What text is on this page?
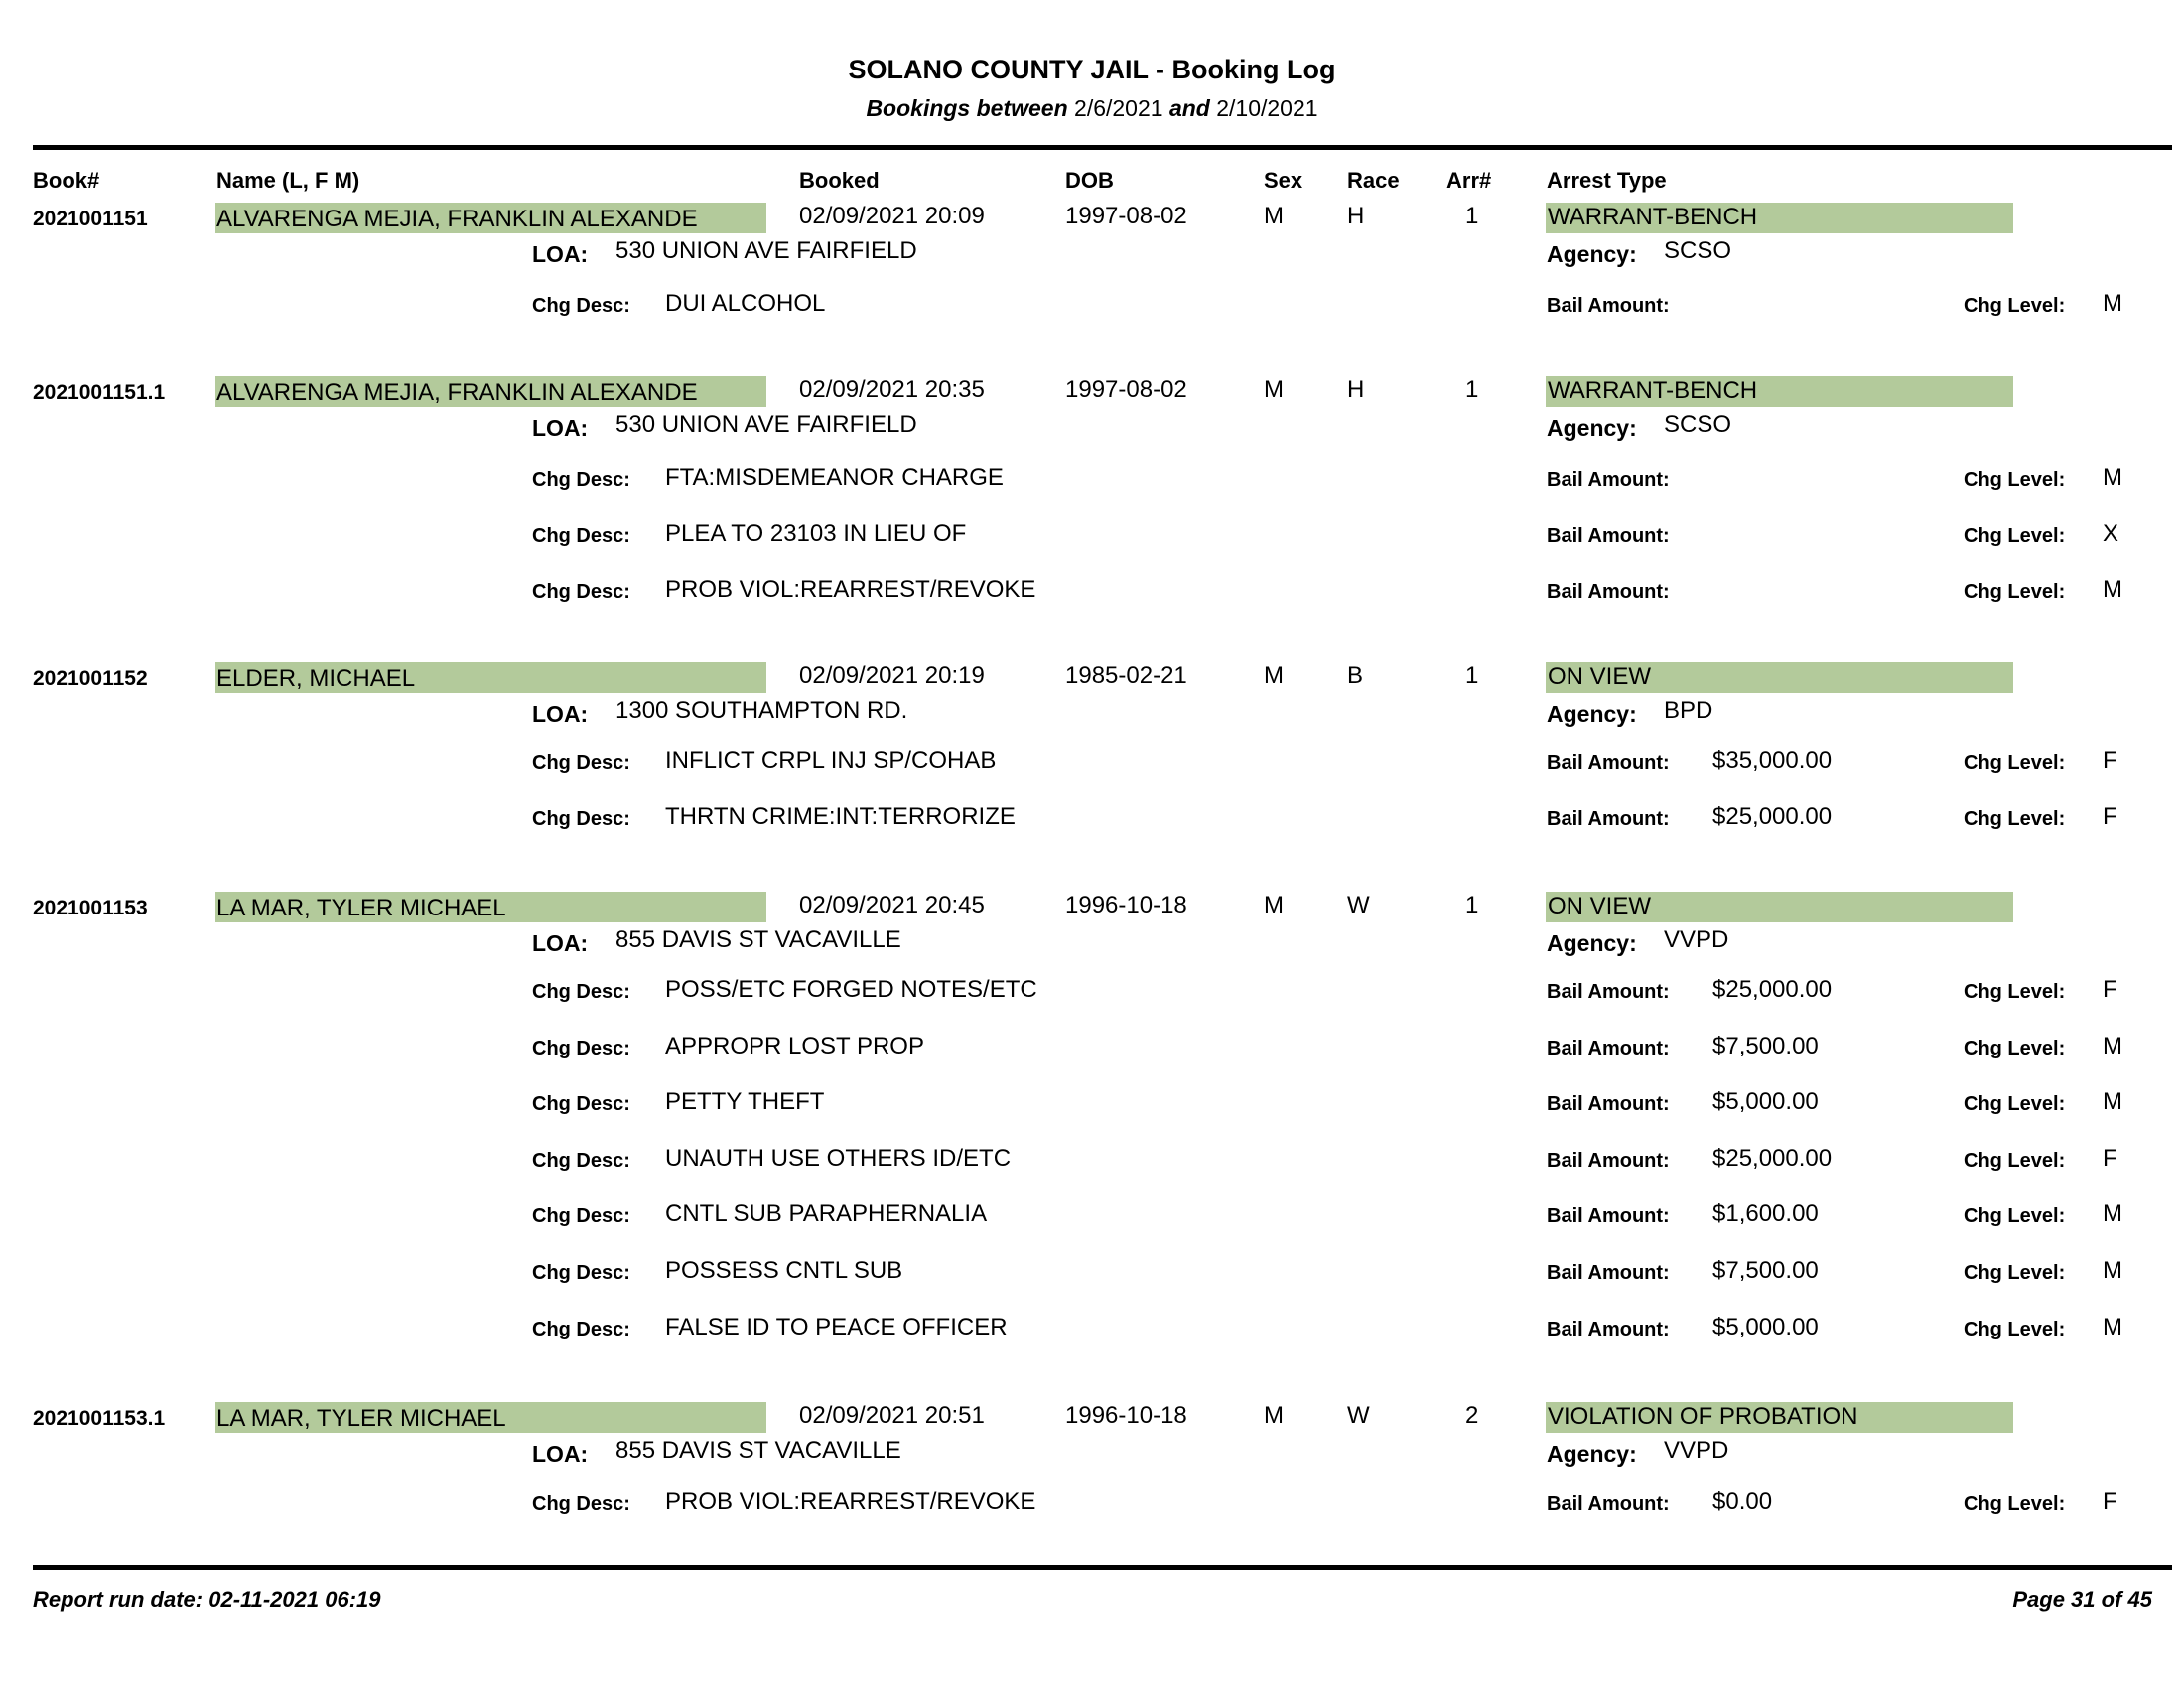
SOLANO COUNTY JAIL - Booking Log
Bookings between 2/6/2021 and 2/10/2021
Book#	Name (L, F M)	Booked	DOB	Sex Race Arr#	Arrest Type
2021001151	ALVARENGA MEJIA, FRANKLIN ALEXANDE	02/09/2021 20:09	1997-08-02	M	H	1	WARRANT-BENCH
LOA: 530 UNION AVE FAIRFIELD	Agency: SCSO
Chg Desc: DUI ALCOHOL	Bail Amount:	Chg Level: M
2021001151.1 ALVARENGA MEJIA, FRANKLIN ALEXANDE	02/09/2021 20:35	1997-08-02	M	H	1	WARRANT-BENCH
LOA: 530 UNION AVE FAIRFIELD	Agency: SCSO
Chg Desc: FTA:MISDEMEANOR CHARGE	Bail Amount:	Chg Level: M
Chg Desc: PLEA TO 23103 IN LIEU OF	Bail Amount:	Chg Level: X
Chg Desc: PROB VIOL:REARREST/REVOKE	Bail Amount:	Chg Level: M
2021001152	ELDER, MICHAEL	02/09/2021 20:19	1985-02-21	M	B	1	ON VIEW
LOA: 1300 SOUTHAMPTON RD.	Agency: BPD
Chg Desc: INFLICT CRPL INJ SP/COHAB	Bail Amount: $35,000.00	Chg Level: F
Chg Desc: THRTN CRIME:INT:TERRORIZE	Bail Amount: $25,000.00	Chg Level: F
2021001153	LA MAR, TYLER MICHAEL	02/09/2021 20:45	1996-10-18	M	W	1	ON VIEW
LOA: 855 DAVIS ST VACAVILLE	Agency: VVPD
Chg Desc: POSS/ETC FORGED NOTES/ETC	Bail Amount: $25,000.00	Chg Level: F
Chg Desc: APPROPR LOST PROP	Bail Amount: $7,500.00	Chg Level: M
Chg Desc: PETTY THEFT	Bail Amount: $5,000.00	Chg Level: M
Chg Desc: UNAUTH USE OTHERS ID/ETC	Bail Amount: $25,000.00	Chg Level: F
Chg Desc: CNTL SUB PARAPHERNALIA	Bail Amount: $1,600.00	Chg Level: M
Chg Desc: POSSESS CNTL SUB	Bail Amount: $7,500.00	Chg Level: M
Chg Desc: FALSE ID TO PEACE OFFICER	Bail Amount: $5,000.00	Chg Level: M
2021001153.1 LA MAR, TYLER MICHAEL	02/09/2021 20:51	1996-10-18	M	W	2	VIOLATION OF PROBATION
LOA: 855 DAVIS ST VACAVILLE	Agency: VVPD
Chg Desc: PROB VIOL:REARREST/REVOKE	Bail Amount: $0.00	Chg Level: F
Report run date: 02-11-2021 06:19	Page 31 of 45
